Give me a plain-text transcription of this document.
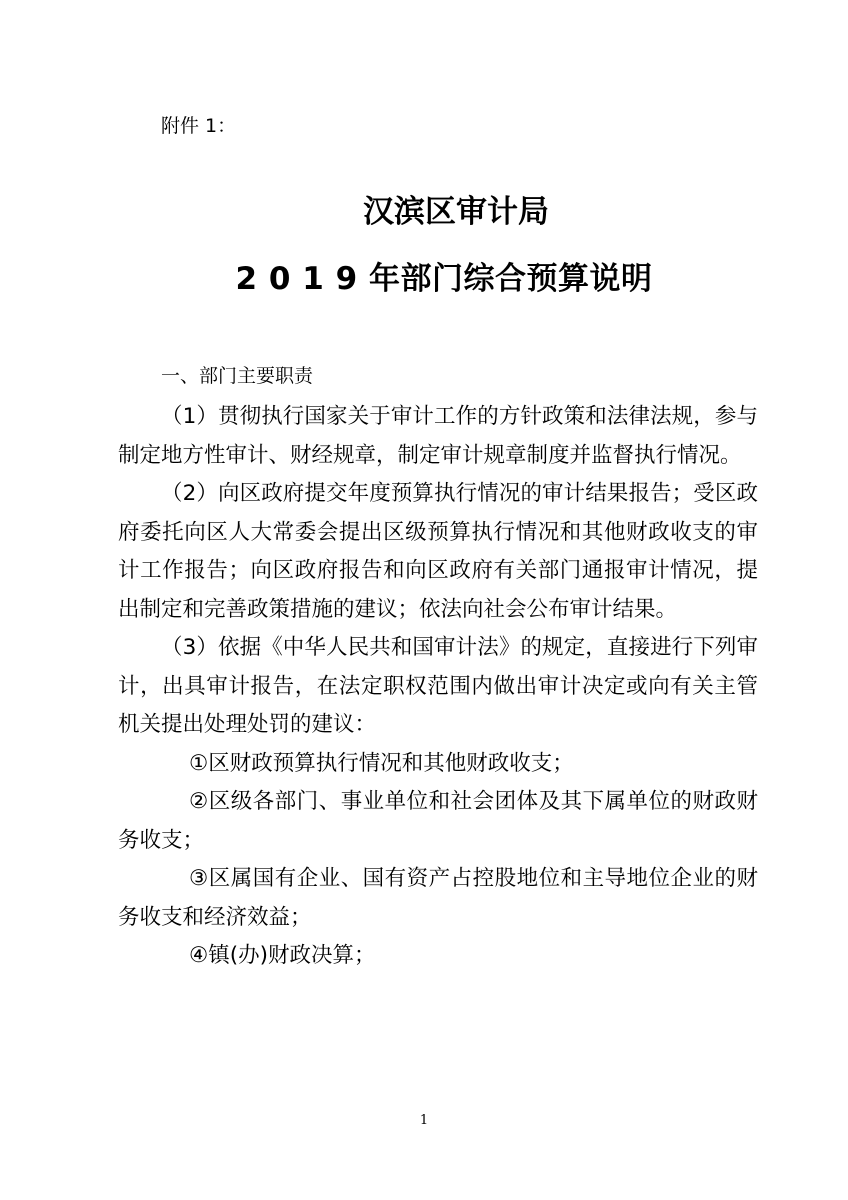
附件 1：

汉滨区审计局
2 0 1 9 年部门综合预算说明
一、部门主要职责

（1）贯彻执行国家关于审计工作的方针政策和法律法规，参与制定地方性审计、财经规章，制定审计规章制度并监督执行情况。

（2）向区政府提交年度预算执行情况的审计结果报告；受区政府委托向区人大常委会提出区级预算执行情况和其他财政收支的审计工作报告；向区政府报告和向区政府有关部门通报审计情况，提出制定和完善政策措施的建议；依法向社会公布审计结果。

（3）依据《中华人民共和国审计法》的规定，直接进行下列审计，出具审计报告，在法定职权范围内做出审计决定或向有关主管机关提出处理处罚的建议：

①区财政预算执行情况和其他财政收支；

②区级各部门、事业单位和社会团体及其下属单位的财政财务收支；

③区属国有企业、国有资产占控股地位和主导地位企业的财务收支和经济效益；

④镇(办)财政决算；

1
